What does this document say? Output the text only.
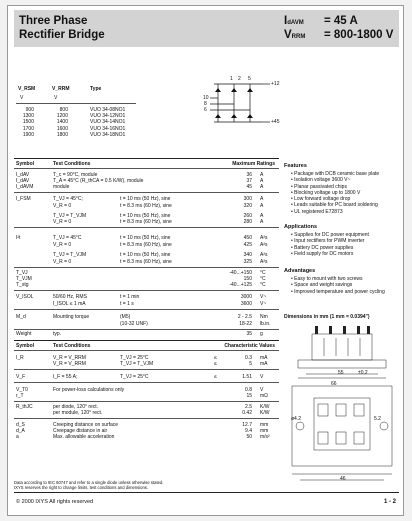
Three Phase
Rectifier Bridge
IdAVM = 45 A
VRRM = 800-1800 V
V_RSM	V_RRM	Type
V	V
900	800	VUO 34-08NO1
1300	1200	VUO 34-12NO1
1500	1400	VUO 34-14NO1
1700	1600	VUO 34-16NO1
1900	1800	VUO 34-18NO1
+12
1 2 5
10
8
6
+45
Symbol	Test Conditions	Maximum Ratings
I_dAV	T_c = 90°C, module	36 A
I_dAV	T_A = 45°C (R_thCA = 0.5 K/W), module	37 A
I_dAVM	module	45 A
I_FSM	T_VJ = 45°C;	t = 10 ms (50 Hz), sine	300 A
V_R = 0	t = 8.3 ms (60 Hz), sine	320 A
T_VJ = T_VJM	t = 10 ms (50 Hz), sine	260 A
V_R = 0	t = 8.3 ms (60 Hz), sine	280 A
I²t	T_VJ = 45°C	t = 10 ms (50 Hz), sine	450 A²s
V_R = 0	t = 8.3 ms (60 Hz), sine	425 A²s
T_VJ = T_VJM	t = 10 ms (50 Hz), sine	340 A²s
V_R = 0	t = 8.3 ms (60 Hz), sine	325 A²s
T_VJ	-40...+150 °C
T_VJM	150 °C
T_stg	-40...+125 °C
V_ISOL	50/60 Hz, RMS	t = 1 min	3000 V~
I_ISOL ≤ 1 mA	t = 1 s	3600 V~
M_d	Mounting torque	(M5)	2 - 2.5 Nm
(10-32 UNF)	18-22 lb.in.
Weight	typ.	35 g
Symbol	Test Conditions	Characteristic Values
I_R	V_R = V_RRM	T_VJ = 25°C	≤	0.3 mA
V_R = V_RRM	T_VJ = T_VJM	≤	5 mA
V_F	I_F = 55 A;	T_VJ = 25°C	≤	1.51 V
V_T0	For power-loss calculations only	0.8 V
r_T	15 mΩ
R_thJC	per diode, 120° rect.	2.5 K/W
per module, 120° rect.	0.42 K/W
d_S	Creeping distance on surface	12.7 mm
d_A	Creepage distance in air	9.4 mm
a	Max. allowable acceleration	50 m/s²
Data according to IEC 60747 and refer to a single diode unless otherwise stated.
IXYS reserves the right to change limits, test conditions and dimensions.
Features
• Package with DCB ceramic base plate
• Isolation voltage 3600 V~
• Planar passivated chips
• Blocking voltage up to 1800 V
• Low forward voltage drop
• Leads suitable for PC board soldering
• UL registered E72873
Applications
• Supplies for DC power equipment
• Input rectifiers for PWM inverter
• Battery DC power supplies
• Field supply for DC motors
Advantages
• Easy to mount with two screws
• Space and weight savings
• Improved temperature and power cycling
Dimensions in mm (1 mm = 0.0394")
66
55	±0.2
46
ø4.2	5.2
© 2000 IXYS All rights reserved	1 - 2
